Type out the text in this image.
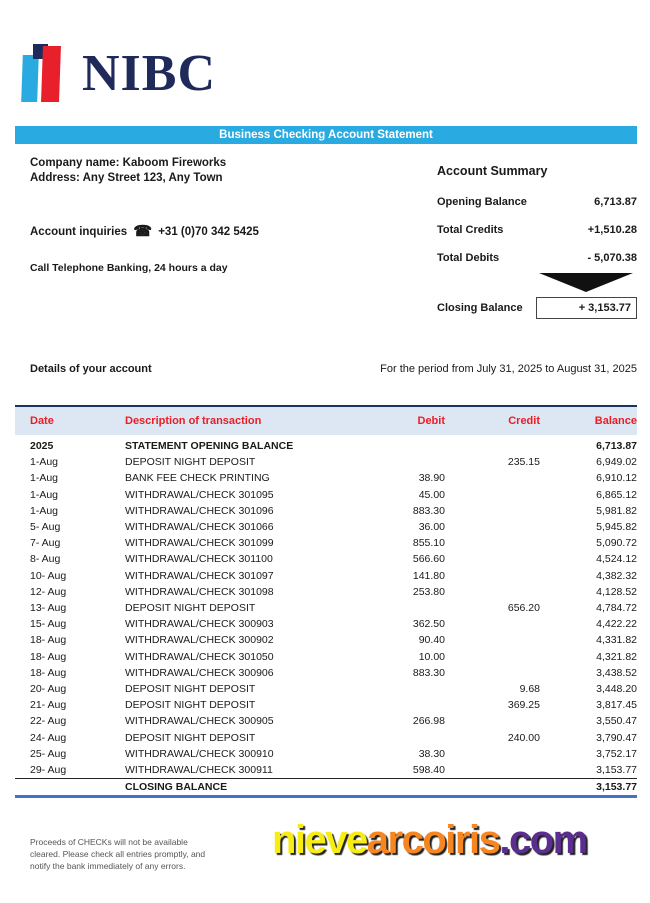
NIBC
Business Checking Account Statement
Company name: Kaboom Fireworks
Address: Any Street 123, Any Town
Account inquiries ☎ +31 (0)70 342 5425
Call Telephone Banking, 24 hours a day
Account Summary
Opening Balance	6,713.87
Total Credits	+1,510.28
Total Debits	- 5,070.38
Closing Balance	+ 3,153.77
Details of your account	For the period from July 31, 2025 to August 31, 2025
Date	Description of transaction	Debit	Credit	Balance
2025	STATEMENT OPENING BALANCE			6,713.87
1-Aug	DEPOSIT NIGHT DEPOSIT		235.15	6,949.02
1-Aug	BANK FEE CHECK PRINTING	38.90		6,910.12
1-Aug	WITHDRAWAL/CHECK 301095	45.00		6,865.12
1-Aug	WITHDRAWAL/CHECK 301096	883.30		5,981.82
5- Aug	WITHDRAWAL/CHECK 301066	36.00		5,945.82
7- Aug	WITHDRAWAL/CHECK 301099	855.10		5,090.72
8- Aug	WITHDRAWAL/CHECK 301100	566.60		4,524.12
10- Aug	WITHDRAWAL/CHECK 301097	141.80		4,382.32
12- Aug	WITHDRAWAL/CHECK 301098	253.80		4,128.52
13- Aug	DEPOSIT NIGHT DEPOSIT		656.20	4,784.72
15- Aug	WITHDRAWAL/CHECK 300903	362.50		4,422.22
18- Aug	WITHDRAWAL/CHECK 300902	90.40		4,331.82
18- Aug	WITHDRAWAL/CHECK 301050	10.00		4,321.82
18- Aug	WITHDRAWAL/CHECK 300906	883.30		3,438.52
20- Aug	DEPOSIT NIGHT DEPOSIT		9.68	3,448.20
21- Aug	DEPOSIT NIGHT DEPOSIT		369.25	3,817.45
22- Aug	WITHDRAWAL/CHECK 300905	266.98		3,550.47
24- Aug	DEPOSIT NIGHT DEPOSIT		240.00	3,790.47
25- Aug	WITHDRAWAL/CHECK 300910	38.30		3,752.17
29- Aug	WITHDRAWAL/CHECK 300911	598.40		3,153.77
	CLOSING BALANCE			3,153.77
Proceeds of CHECKs will not be available
cleared. Please check all entries promptly, and
notify the bank immediately of any errors.
nievearcoiris.com
